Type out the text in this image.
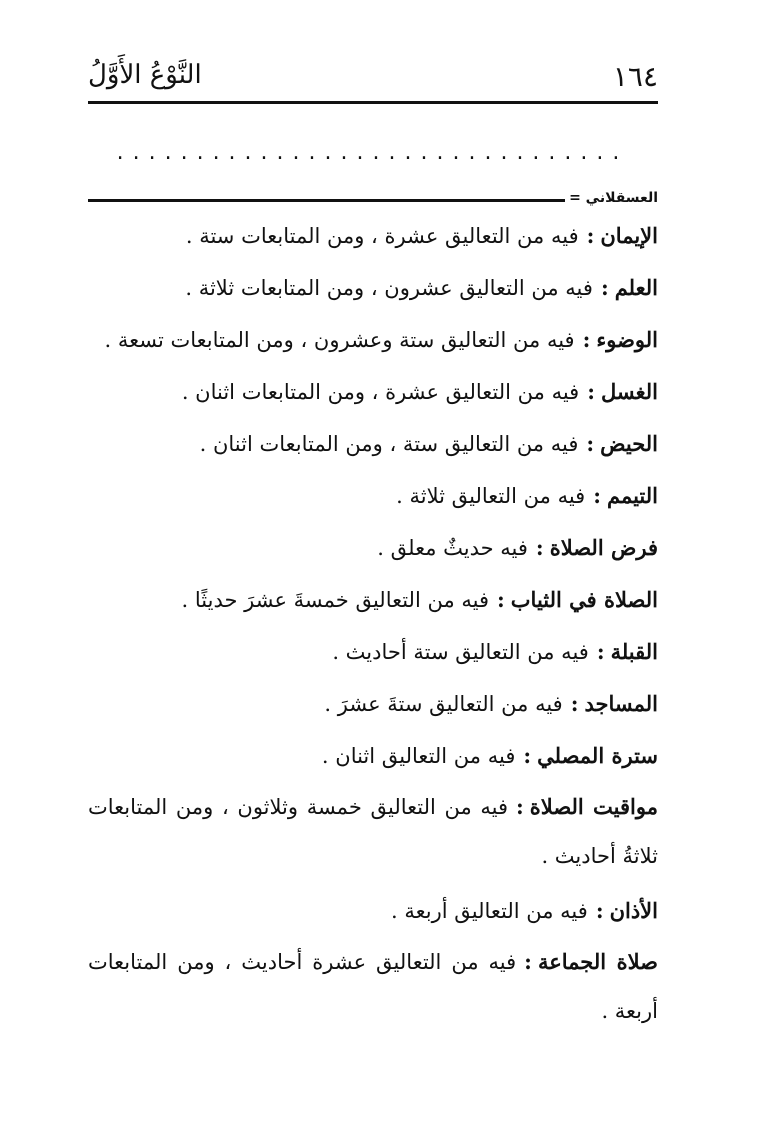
١٦٤
النَّوْعُ الأَوَّلُ
................................
العسقلاني =
الإيمان:فيه من التعاليق عشرة ، ومن المتابعات ستة .
العلم:فيه من التعاليق عشرون ، ومن المتابعات ثلاثة .
الوضوء:فيه من التعاليق ستة وعشرون ، ومن المتابعات تسعة .
الغسل:فيه من التعاليق عشرة ، ومن المتابعات اثنان .
الحيض:فيه من التعاليق ستة ، ومن المتابعات اثنان .
التيمم:فيه من التعاليق ثلاثة .
فرض الصلاة:فيه حديثٌ معلق .
الصلاة في الثياب:فيه من التعاليق خمسةَ عشرَ حديثًا .
القبلة:فيه من التعاليق ستة أحاديث .
المساجد:فيه من التعاليق ستةَ عشرَ .
سترة المصلي:فيه من التعاليق اثنان .
مواقيت الصلاة:فيه من التعاليق خمسة وثلاثون ، ومن المتابعات ثلاثةُ أحاديث .
الأذان:فيه من التعاليق أربعة .
صلاة الجماعة:فيه من التعاليق عشرة أحاديث ، ومن المتابعات أربعة .
